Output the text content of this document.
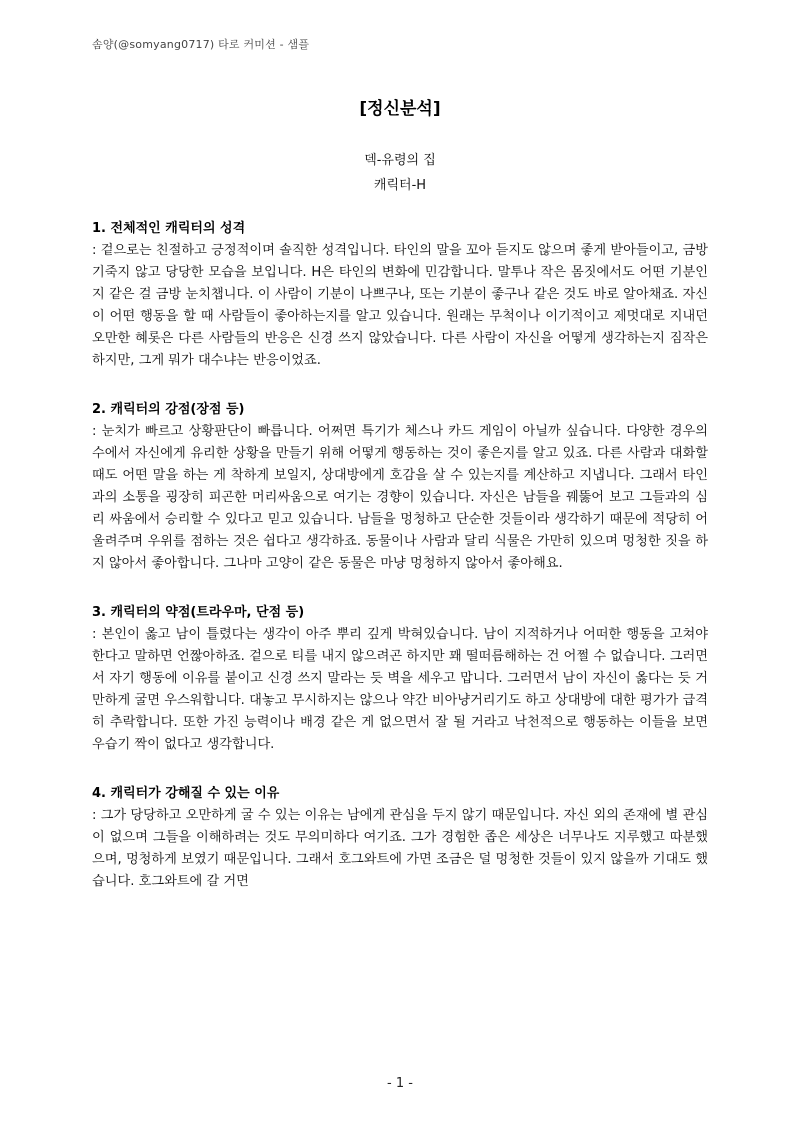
솜양(@somyang0717) 타로 커미션 - 샘플
[정신분석]
덱-유령의 집
캐릭터-H
1. 전체적인 캐릭터의 성격

: 겉으로는 친절하고 긍정적이며 솔직한 성격입니다. 타인의 말을 꼬아 듣지도 않으며 좋게 받아들이고, 금방 기죽지 않고 당당한 모습을 보입니다. H은 타인의 변화에 민감합니다. 말투나 작은 몸짓에서도 어떤 기분인지 같은 걸 금방 눈치챕니다. 이 사람이 기분이 나쁘구나, 또는 기분이 좋구나 같은 것도 바로 알아채죠. 자신이 어떤 행동을 할 때 사람들이 좋아하는지를 알고 있습니다. 원래는 무척이나 이기적이고 제멋대로 지내던 오만한 혜롯은 다른 사람들의 반응은 신경 쓰지 않았습니다. 다른 사람이 자신을 어떻게 생각하는지 짐작은 하지만, 그게 뭐가 대수냐는 반응이었죠.

2. 캐릭터의 강점(장점 등)

: 눈치가 빠르고 상황판단이 빠릅니다. 어쩌면 특기가 체스나 카드 게임이 아닐까 싶습니다. 다양한 경우의 수에서 자신에게 유리한 상황을 만들기 위해 어떻게 행동하는 것이 좋은지를 알고 있죠. 다른 사람과 대화할 때도 어떤 말을 하는 게 착하게 보일지, 상대방에게 호감을 살 수 있는지를 계산하고 지냅니다. 그래서 타인과의 소통을 굉장히 피곤한 머리싸움으로 여기는 경향이 있습니다. 자신은 남들을 꿰뚫어 보고 그들과의 심리 싸움에서 승리할 수 있다고 믿고 있습니다. 남들을 멍청하고 단순한 것들이라 생각하기 때문에 적당히 어울려주며 우위를 점하는 것은 쉽다고 생각하죠. 동물이나 사람과 달리 식물은 가만히 있으며 멍청한 짓을 하지 않아서 좋아합니다. 그나마 고양이 같은 동물은 마냥 멍청하지 않아서 좋아해요.

3. 캐릭터의 약점(트라우마, 단점 등)

: 본인이 옳고 남이 틀렸다는 생각이 아주 뿌리 깊게 박혀있습니다. 남이 지적하거나 어떠한 행동을 고쳐야 한다고 말하면 언짢아하죠. 겉으로 티를 내지 않으려곤 하지만 꽤 떨떠름해하는 건 어쩔 수 없습니다. 그러면서 자기 행동에 이유를 붙이고 신경 쓰지 말라는 듯 벽을 세우고 맙니다. 그러면서 남이 자신이 옳다는 듯 거만하게 굴면 우스워합니다. 대놓고 무시하지는 않으나 약간 비아냥거리기도 하고 상대방에 대한 평가가 급격히 추락합니다. 또한 가진 능력이나 배경 같은 게 없으면서 잘 될 거라고 낙천적으로 행동하는 이들을 보면 우습기 짝이 없다고 생각합니다.

4. 캐릭터가 강해질 수 있는 이유

: 그가 당당하고 오만하게 굴 수 있는 이유는 남에게 관심을 두지 않기 때문입니다. 자신 외의 존재에 별 관심이 없으며 그들을 이해하려는 것도 무의미하다 여기죠. 그가 경험한 좁은 세상은 너무나도 지루했고 따분했으며, 멍청하게 보였기 때문입니다. 그래서 호그와트에 가면 조금은 덜 멍청한 것들이 있지 않을까 기대도 했습니다. 호그와트에 갈 거면

- 1 -
